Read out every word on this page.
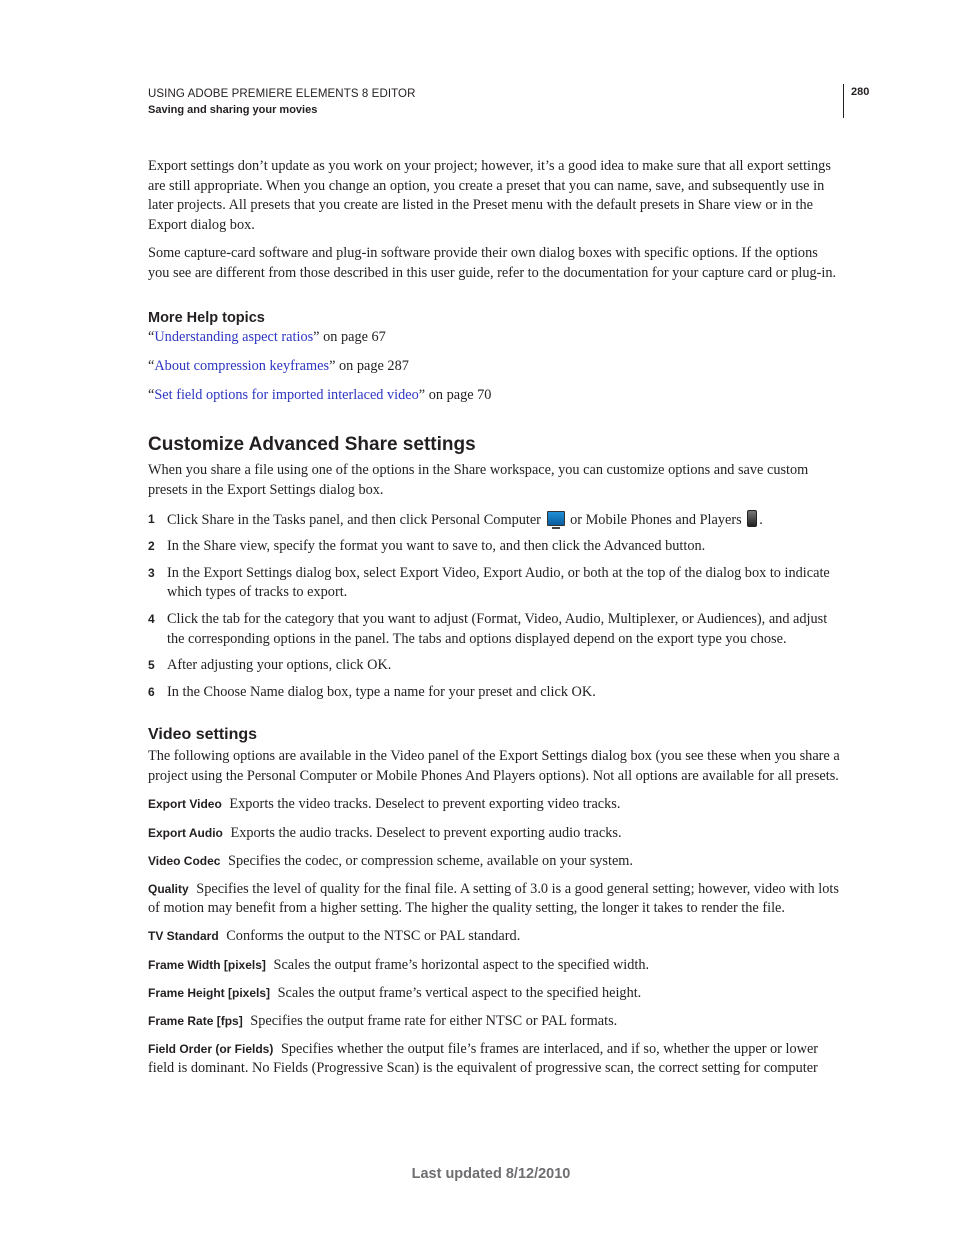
USING ADOBE PREMIERE ELEMENTS 8 EDITOR
Saving and sharing your movies
280

Export settings don’t update as you work on your project; however, it’s a good idea to make sure that all export settings are still appropriate. When you change an option, you create a preset that you can name, save, and subsequently use in later projects. All presets that you create are listed in the Preset menu with the default presets in Share view or in the Export dialog box.

Some capture-card software and plug-in software provide their own dialog boxes with specific options. If the options you see are different from those described in this user guide, refer to the documentation for your capture card or plug-in.

More Help topics

“Understanding aspect ratios” on page 67

“About compression keyframes” on page 287

“Set field options for imported interlaced video” on page 70

Customize Advanced Share settings

When you share a file using one of the options in the Share workspace, you can customize options and save custom presets in the Export Settings dialog box.

1 Click Share in the Tasks panel, and then click Personal Computer or Mobile Phones and Players .
2 In the Share view, specify the format you want to save to, and then click the Advanced button.
3 In the Export Settings dialog box, select Export Video, Export Audio, or both at the top of the dialog box to indicate which types of tracks to export.
4 Click the tab for the category that you want to adjust (Format, Video, Audio, Multiplexer, or Audiences), and adjust the corresponding options in the panel. The tabs and options displayed depend on the export type you chose.
5 After adjusting your options, click OK.
6 In the Choose Name dialog box, type a name for your preset and click OK.
Video settings

The following options are available in the Video panel of the Export Settings dialog box (you see these when you share a project using the Personal Computer or Mobile Phones And Players options). Not all options are available for all presets.

Export Video Exports the video tracks. Deselect to prevent exporting video tracks.

Export Audio Exports the audio tracks. Deselect to prevent exporting audio tracks.

Video Codec Specifies the codec, or compression scheme, available on your system.

Quality Specifies the level of quality for the final file. A setting of 3.0 is a good general setting; however, video with lots of motion may benefit from a higher setting. The higher the quality setting, the longer it takes to render the file.

TV Standard Conforms the output to the NTSC or PAL standard.

Frame Width [pixels] Scales the output frame’s horizontal aspect to the specified width.

Frame Height [pixels] Scales the output frame’s vertical aspect to the specified height.

Frame Rate [fps] Specifies the output frame rate for either NTSC or PAL formats.

Field Order (or Fields) Specifies whether the output file’s frames are interlaced, and if so, whether the upper or lower field is dominant. No Fields (Progressive Scan) is the equivalent of progressive scan, the correct setting for computer

Last updated 8/12/2010
